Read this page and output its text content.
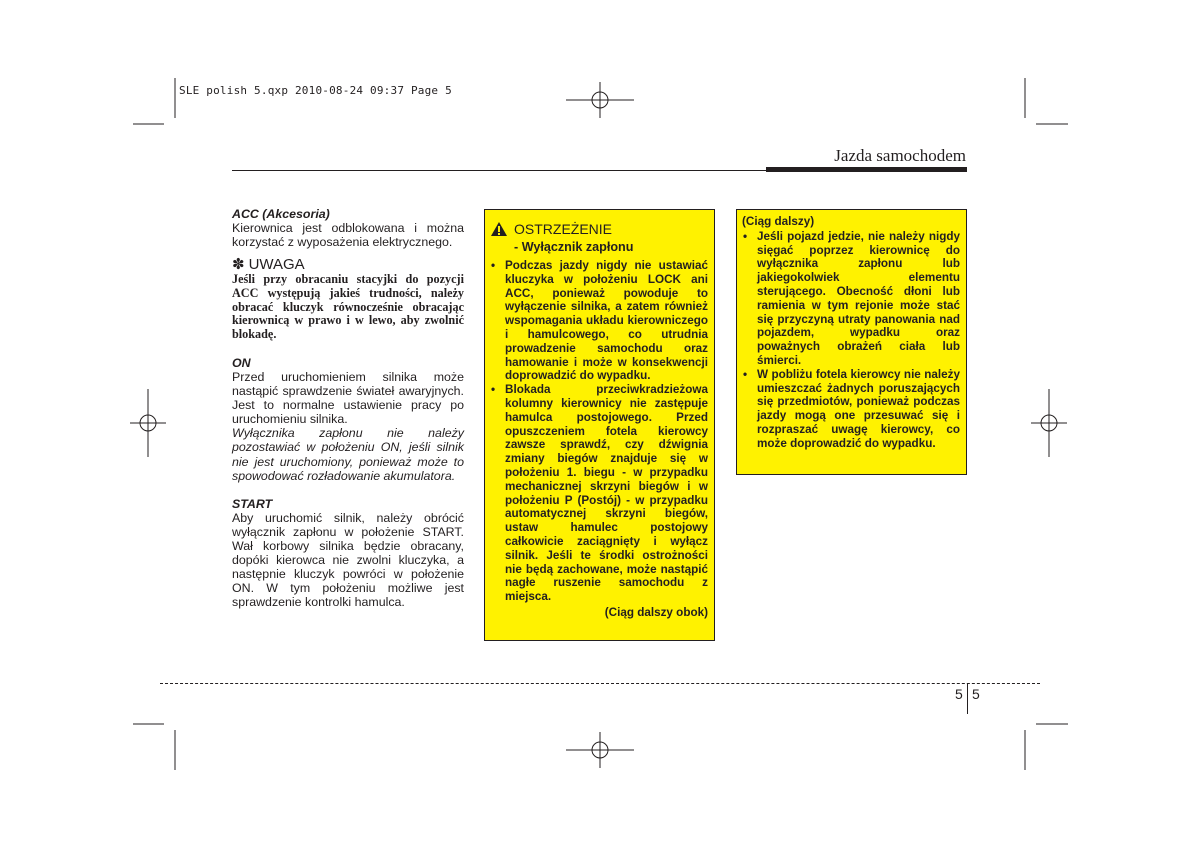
SLE polish 5.qxp 2010-08-24 09:37 Page 5
Jazda samochodem

ACC (Akcesoria)

Kierownica jest odblokowana i można korzystać z wyposażenia elektrycznego.

✽ UWAGA

Jeśli przy obracaniu stacyjki do pozycji ACC występują jakieś trudności, należy obracać kluczyk równocześnie obracając kierownicą w prawo i w lewo, aby zwolnić blokadę.

ON

Przed uruchomieniem silnika może nastąpić sprawdzenie świateł awaryjnych. Jest to normalne ustawienie pracy po uruchomieniu silnika.

Wyłącznika zapłonu nie należy pozostawiać w położeniu ON, jeśli silnik nie jest uruchomiony, ponieważ może to spowodować rozładowanie akumulatora.

START

Aby uruchomić silnik, należy obrócić wyłącznik zapłonu w położenie START. Wał korbowy silnika będzie obracany, dopóki kierowca nie zwolni kluczyka, a następnie kluczyk powróci w położenie ON. W tym położeniu możliwe jest sprawdzenie kontrolki hamulca.

OSTRZEŻENIE
- Wyłącznik zapłonu
• Podczas jazdy nigdy nie ustawiać kluczyka w położeniu LOCK ani ACC, ponieważ powoduje to wyłączenie silnika, a zatem również wspomagania układu kierowniczego i hamulcowego, co utrudnia prowadzenie samochodu oraz hamowanie i może w konsekwencji doprowadzić do wypadku.
• Blokada przeciwkradzieżowa kolumny kierownicy nie zastępuje hamulca postojowego. Przed opuszczeniem fotela kierowcy zawsze sprawdź, czy dźwignia zmiany biegów znajduje się w położeniu 1. biegu - w przypadku mechanicznej skrzyni biegów i w położeniu P (Postój) - w przypadku automatycznej skrzyni biegów, ustaw hamulec postojowy całkowicie zaciągnięty i wyłącz silnik. Jeśli te środki ostrożności nie będą zachowane, może nastąpić nagłe ruszenie samochodu z miejsca.
(Ciąg dalszy obok)
(Ciąg dalszy)
• Jeśli pojazd jedzie, nie należy nigdy sięgać poprzez kierownicę do wyłącznika zapłonu lub jakiegokolwiek elementu sterującego. Obecność dłoni lub ramienia w tym rejonie może stać się przyczyną utraty panowania nad pojazdem, wypadku oraz poważnych obrażeń ciała lub śmierci.
• W pobliżu fotela kierowcy nie należy umieszczać żadnych poruszających się przedmiotów, ponieważ podczas jazdy mogą one przesuwać się i rozpraszać uwagę kierowcy, co może doprowadzić do wypadku.
5 5
